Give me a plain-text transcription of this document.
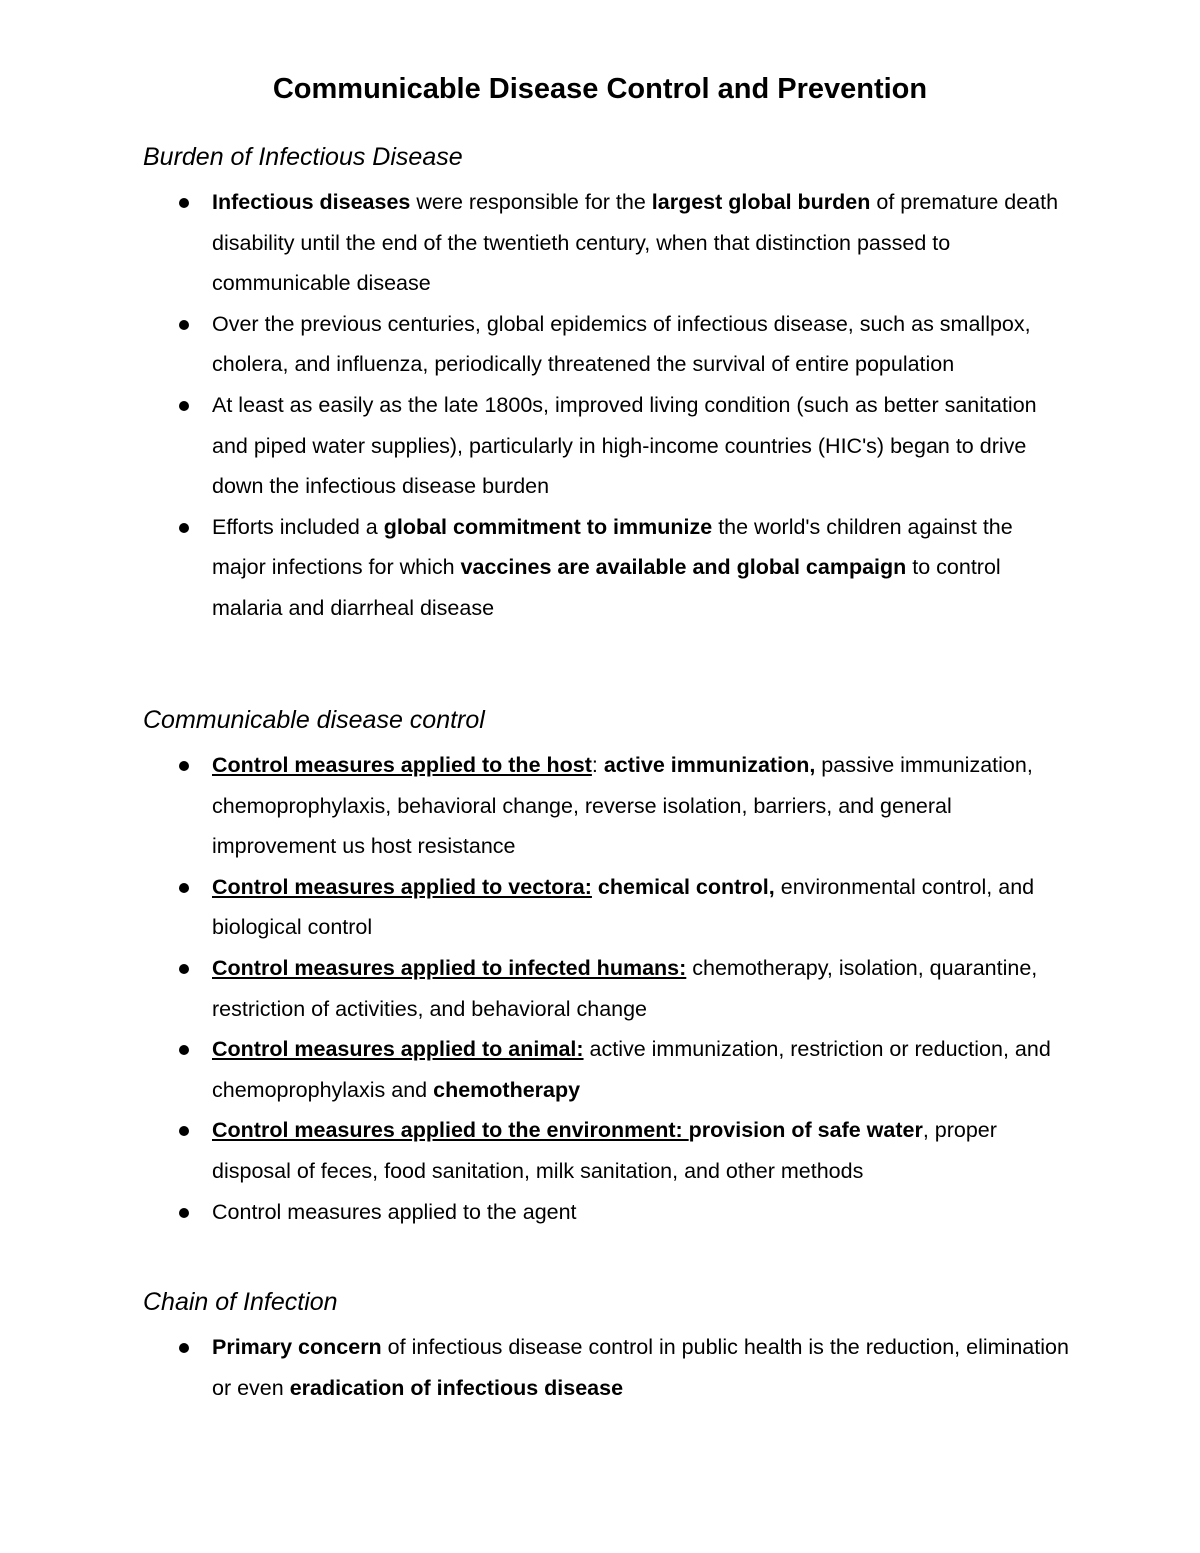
Communicable Disease Control and Prevention
Burden of Infectious Disease
Infectious diseases were responsible for the largest global burden of premature death disability until the end of the twentieth century, when that distinction passed to communicable disease
Over the previous centuries, global epidemics of infectious disease, such as smallpox, cholera, and influenza, periodically threatened the survival of entire population
At least as easily as the late 1800s, improved living condition (such as better sanitation and piped water supplies), particularly in high-income countries (HIC's) began to drive down the infectious disease burden
Efforts included a global commitment to immunize the world's children against the major infections for which vaccines are available and global campaign to control malaria and diarrheal disease
Communicable disease control
Control measures applied to the host: active immunization, passive immunization, chemoprophylaxis, behavioral change, reverse isolation, barriers, and general improvement us host resistance
Control measures applied to vectora: chemical control, environmental control, and biological control
Control measures applied to infected humans: chemotherapy, isolation, quarantine, restriction of activities, and behavioral change
Control measures applied to animal: active immunization, restriction or reduction, and chemoprophylaxis and chemotherapy
Control measures applied to the environment: provision of safe water, proper disposal of feces, food sanitation, milk sanitation, and other methods
Control measures applied to the agent
Chain of Infection
Primary concern of infectious disease control in public health is the reduction, elimination or even eradication of infectious disease
